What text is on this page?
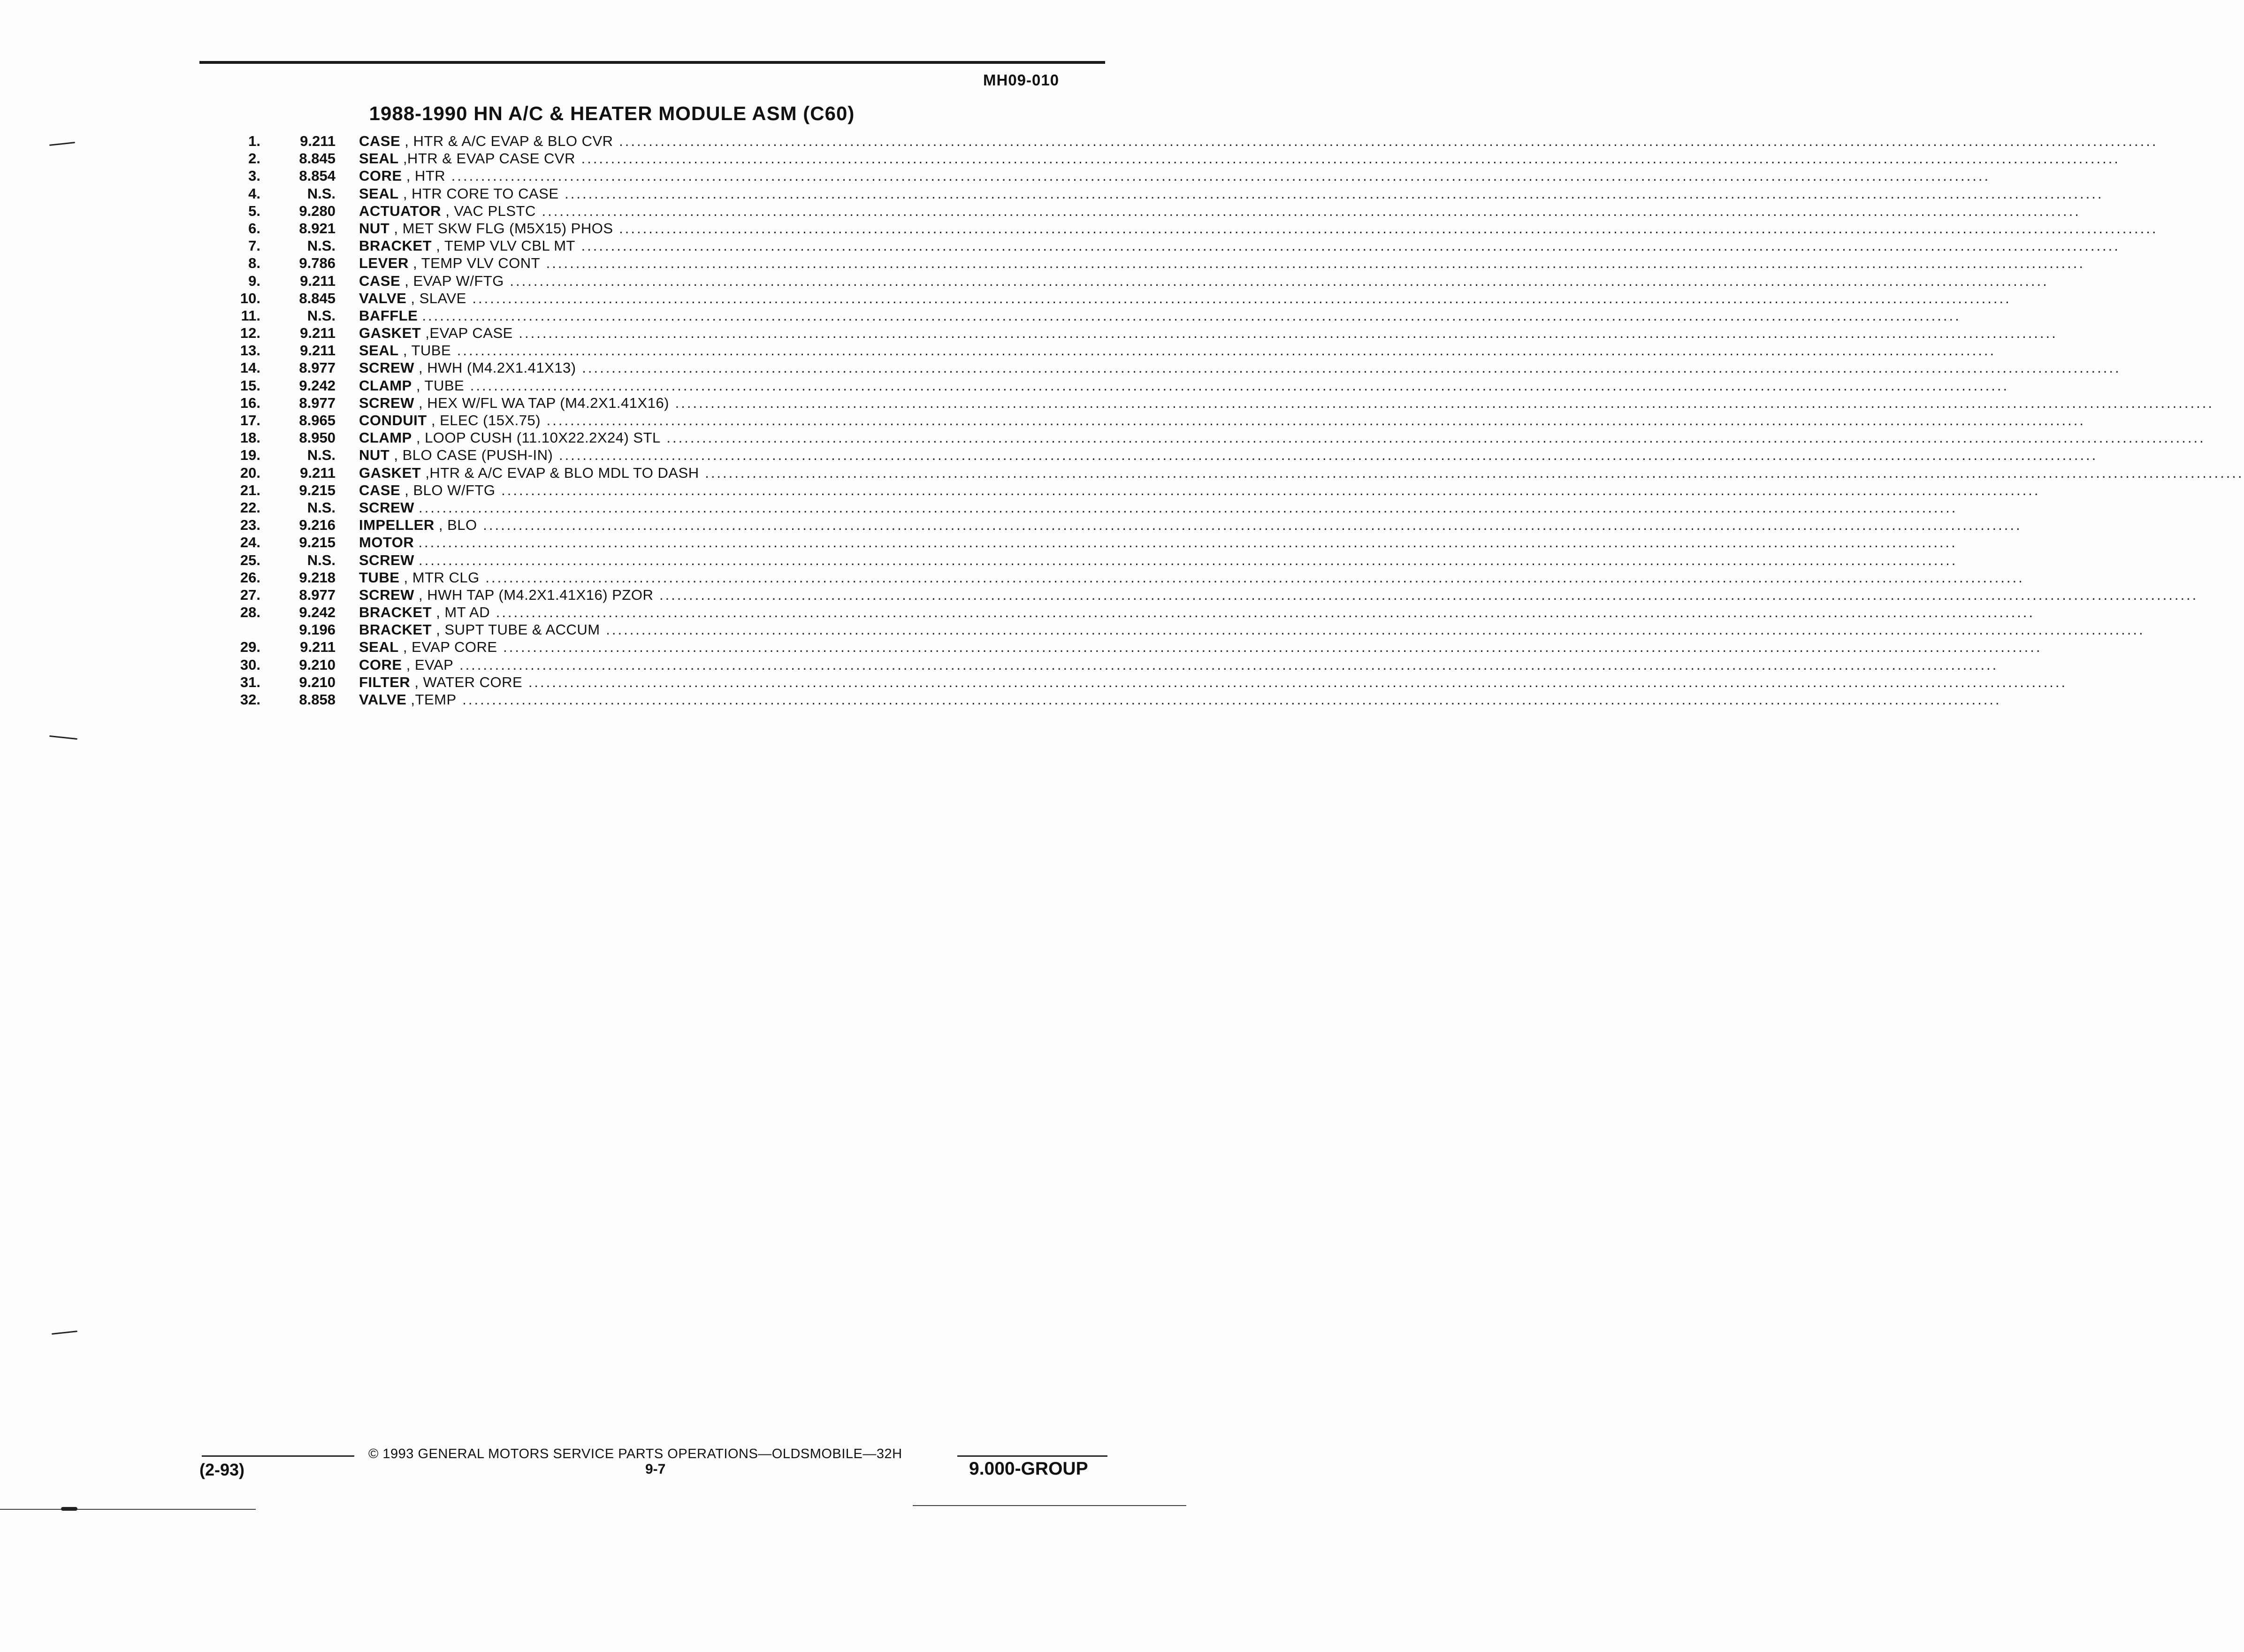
MH09-010
1988-1990 HN A/C & HEATER MODULE ASM (C60)
1.	9.211 CASE , HTR & A/C EVAP & BLO CVR ....................................................................................................................................................................................................................................................................
2.	8.845 SEAL ,HTR & EVAP CASE CVR ....................................................................................................................................................................................................................................................................
3.	8.854 CORE , HTR ....................................................................................................................................................................................................................................................................
4.	N.S. SEAL , HTR CORE TO CASE ....................................................................................................................................................................................................................................................................
5.	9.280 ACTUATOR , VAC PLSTC ....................................................................................................................................................................................................................................................................
6.	8.921 NUT , MET SKW FLG (M5X15) PHOS ....................................................................................................................................................................................................................................................................
7.	N.S. BRACKET , TEMP VLV CBL MT ....................................................................................................................................................................................................................................................................
8.	9.786 LEVER , TEMP VLV CONT ....................................................................................................................................................................................................................................................................
9.	9.211 CASE , EVAP W/FTG ....................................................................................................................................................................................................................................................................
10.	8.845 VALVE , SLAVE ....................................................................................................................................................................................................................................................................
11.	N.S. BAFFLE ....................................................................................................................................................................................................................................................................
12.	9.211 GASKET ,EVAP CASE ....................................................................................................................................................................................................................................................................
13.	9.211 SEAL , TUBE ....................................................................................................................................................................................................................................................................
14.	8.977 SCREW , HWH (M4.2X1.41X13) ....................................................................................................................................................................................................................................................................
15.	9.242 CLAMP , TUBE ....................................................................................................................................................................................................................................................................
16.	8.977 SCREW , HEX W/FL WA TAP (M4.2X1.41X16) ....................................................................................................................................................................................................................................................................
17.	8.965 CONDUIT , ELEC (15X.75) ....................................................................................................................................................................................................................................................................
18.	8.950 CLAMP , LOOP CUSH (11.10X22.2X24) STL ....................................................................................................................................................................................................................................................................
19.	N.S. NUT , BLO CASE (PUSH-IN) ....................................................................................................................................................................................................................................................................
20.	9.211 GASKET ,HTR & A/C EVAP & BLO MDL TO DASH ....................................................................................................................................................................................................................................................................
21.	9.215 CASE , BLO W/FTG ....................................................................................................................................................................................................................................................................
22.	N.S. SCREW ....................................................................................................................................................................................................................................................................
23.	9.216 IMPELLER , BLO ....................................................................................................................................................................................................................................................................
24.	9.215 MOTOR ....................................................................................................................................................................................................................................................................
25.	N.S. SCREW ....................................................................................................................................................................................................................................................................
26.	9.218 TUBE , MTR CLG ....................................................................................................................................................................................................................................................................
27.	8.977 SCREW , HWH TAP (M4.2X1.41X16) PZOR ....................................................................................................................................................................................................................................................................
28.	9.242 BRACKET , MT AD ....................................................................................................................................................................................................................................................................
9.196 BRACKET , SUPT TUBE & ACCUM ....................................................................................................................................................................................................................................................................
29.	9.211 SEAL , EVAP CORE ....................................................................................................................................................................................................................................................................
30.	9.210 CORE , EVAP ....................................................................................................................................................................................................................................................................
31.	9.210 FILTER , WATER CORE ....................................................................................................................................................................................................................................................................
32.	8.858 VALVE ,TEMP ....................................................................................................................................................................................................................................................................
© 1993 GENERAL MOTORS SERVICE PARTS OPERATIONS—OLDSMOBILE—32H
(2-93)	9-7	9.000-GROUP
